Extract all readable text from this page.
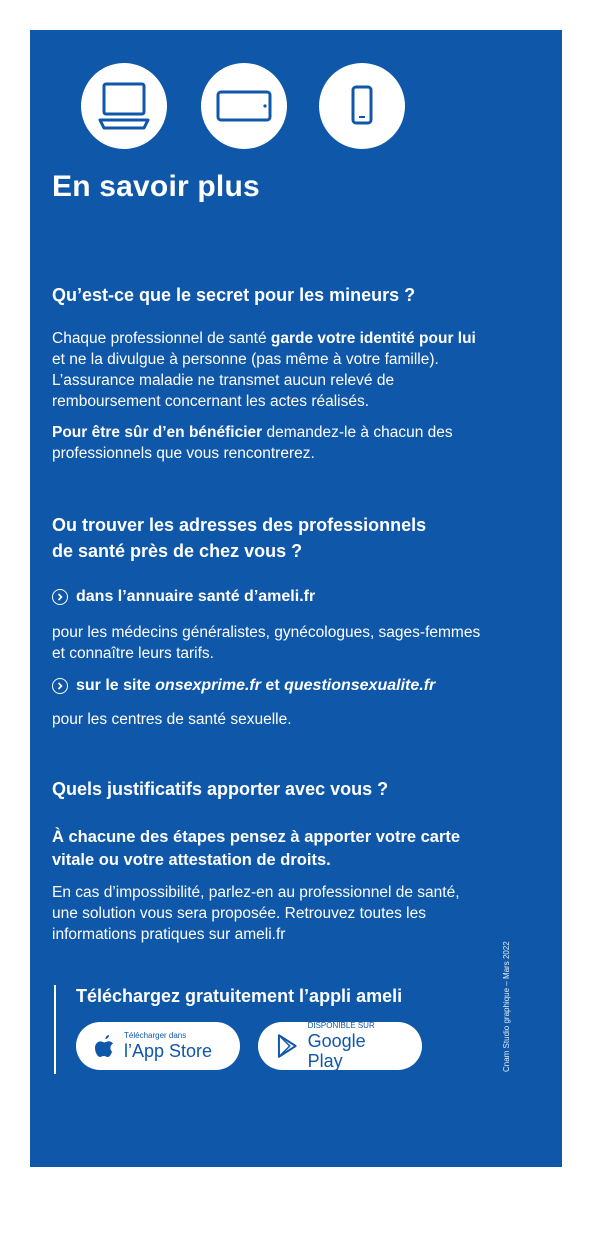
En savoir plus
Qu’est-ce que le secret pour les mineurs ?

Chaque professionnel de santé garde votre identité pour lui et ne la divulgue à personne (pas même à votre famille). L’assurance maladie ne transmet aucun relevé de remboursement concernant les actes réalisés.

Pour être sûr d’en bénéficier demandez-le à chacun des professionnels que vous rencontrerez.

Ou trouver les adresses des professionnels
de santé près de chez vous ?
dans l’annuaire santé d’ameli.fr

pour les médecins généralistes, gynécologues, sages-femmes et connaître leurs tarifs.

sur le site onsexprime.fr et questionsexualite.fr

pour les centres de santé sexuelle.

Quels justificatifs apporter avec vous ?

À chacune des étapes pensez à apporter votre carte vitale ou votre attestation de droits.

En cas d’impossibilité, parlez-en au professionnel de santé, une solution vous sera proposée. Retrouvez toutes les informations pratiques sur ameli.fr

Téléchargez gratuitement l’appli ameli

Télécharger dans
l’App Store
DISPONIBLE SUR
Google Play	Cnam Studio graphique – Mars 2022
